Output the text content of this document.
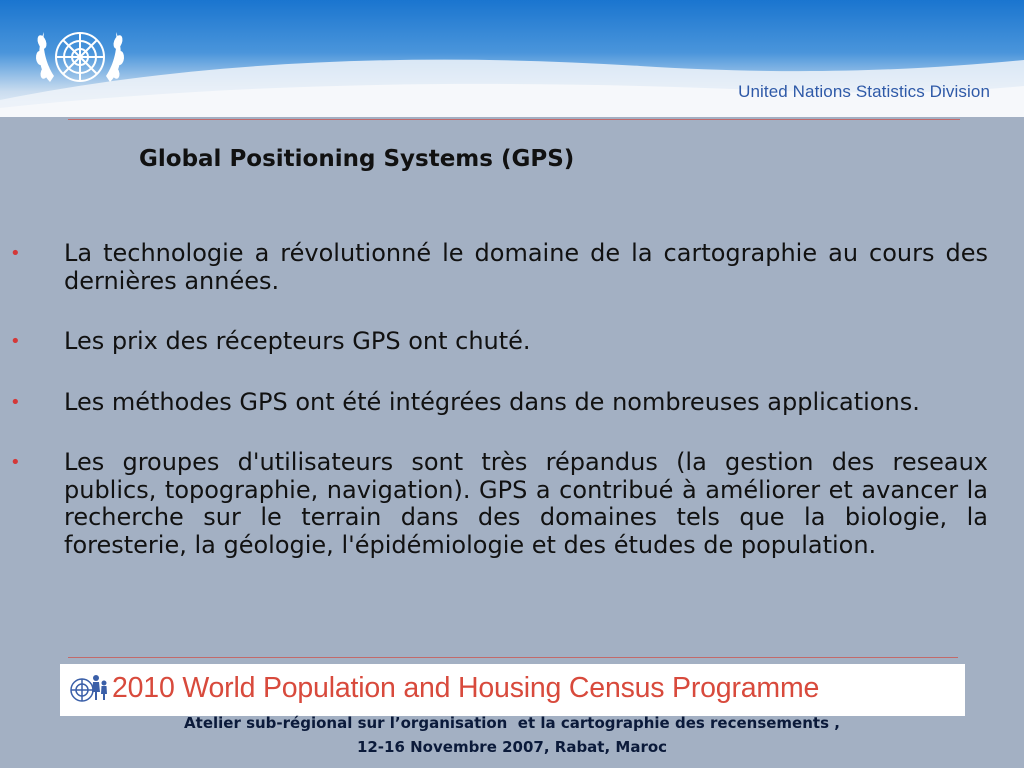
United Nations Statistics Division
Global Positioning Systems (GPS)
• La technologie a révolutionné le domaine de la cartographie au cours des dernières années.
• Les prix des récepteurs GPS ont chuté.
• Les méthodes GPS ont été intégrées dans de nombreuses applications.
• Les groupes d'utilisateurs sont très répandus (la gestion des reseaux publics, topographie, navigation). GPS a contribué à améliorer et avancer la recherche sur le terrain dans des domaines tels que la biologie, la foresterie, la géologie, l'épidémiologie et des études de population.
2010 World Population and Housing Census Programme
Atelier sub-régional sur l’organisation  et la cartographie des recensements ,
12-16 Novembre 2007, Rabat, Maroc
